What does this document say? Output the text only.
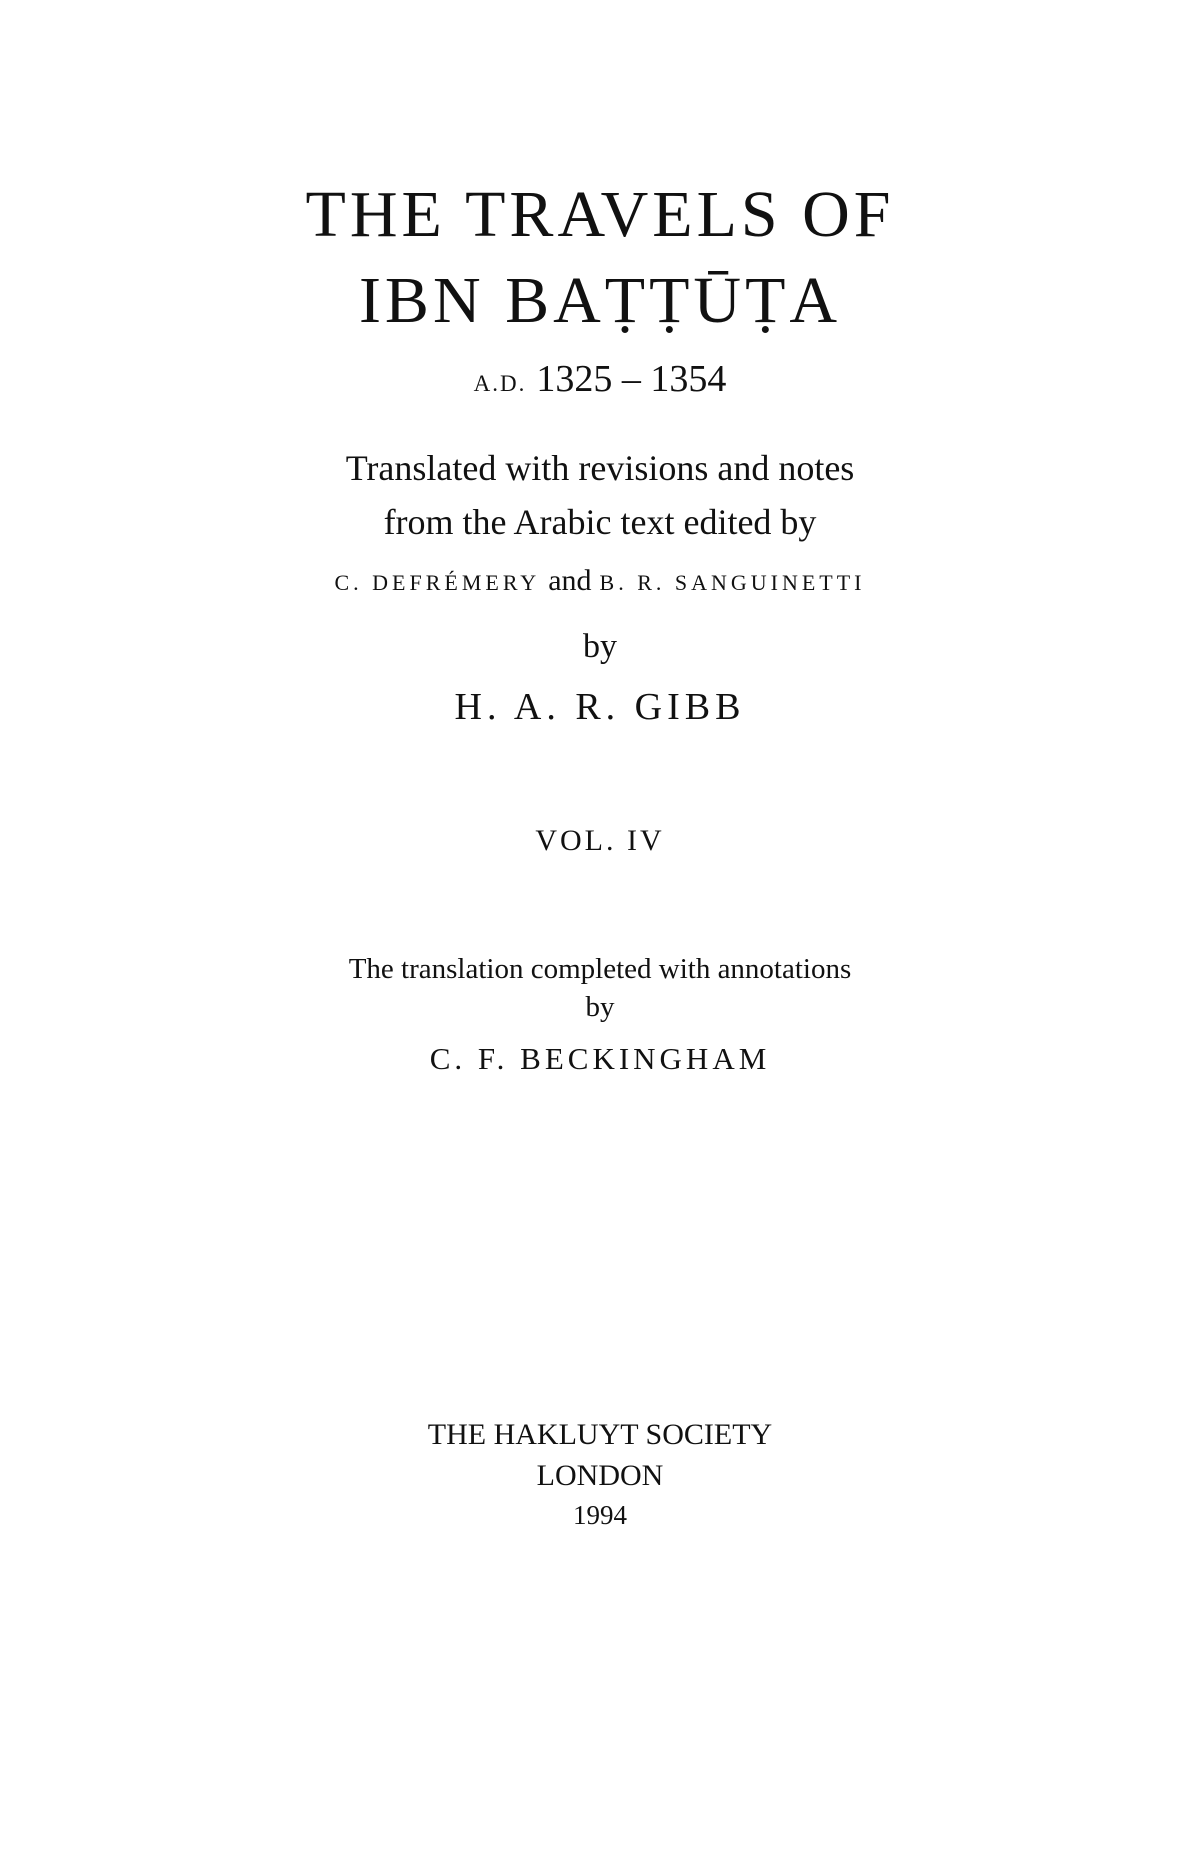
THE TRAVELS OF
IBN BAṬṬŪṬA
A.D. 1325 – 1354
Translated with revisions and notes
from the Arabic text edited by
C. DEFRÉMERY and B. R. SANGUINETTI
by
H. A. R. GIBB
VOL. IV
The translation completed with annotations
by
C. F. BECKINGHAM
THE HAKLUYT SOCIETY
LONDON
1994
